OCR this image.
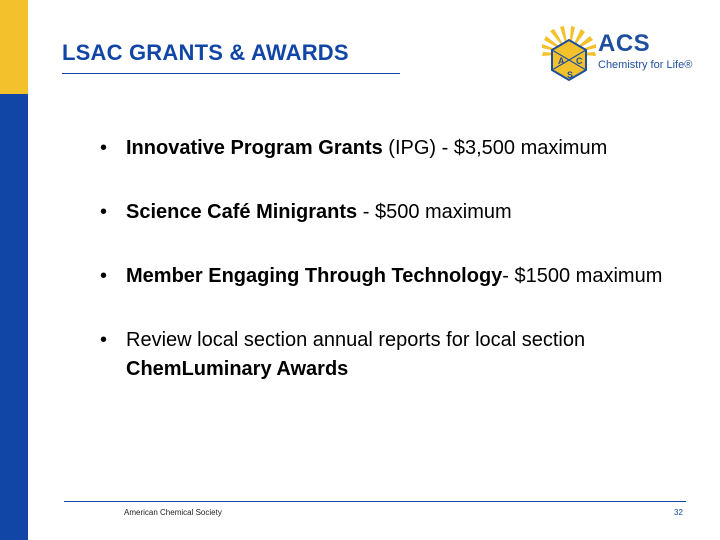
LSAC GRANTS & AWARDS	A C
S
ACS
Chemistry for Life®
• Innovative Program Grants (IPG) - $3,500 maximum
• Science Café Minigrants - $500 maximum
• Member Engaging Through Technology- $1500 maximum
• Review local section annual reports for local section ChemLuminary Awards
American Chemical Society	32
